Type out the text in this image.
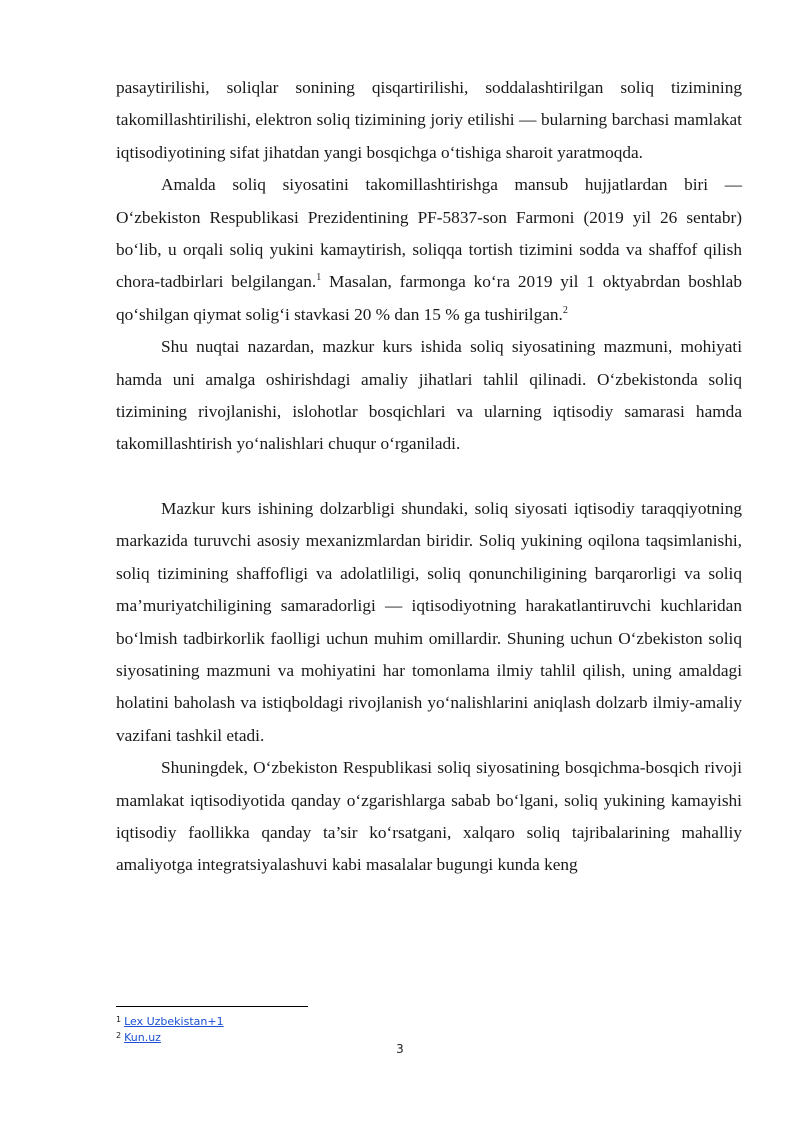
pasaytirilishi, soliqlar sonining qisqartirilishi, soddalashtirilgan soliq tizimining takomillashtirilishi, elektron soliq tizimining joriy etilishi — bularning barchasi mamlakat iqtisodiyotining sifat jihatdan yangi bosqichga oʻtishiga sharoit yaratmoqda.

Amalda soliq siyosatini takomillashtirishga mansub hujjatlardan biri — Oʻzbekiston Respublikasi Prezidentining PF-5837-son Farmoni (2019 yil 26 sentabr) boʻlib, u orqali soliq yukini kamaytirish, soliqqa tortish tizimini sodda va shaffof qilish chora-tadbirlari belgilangan.$^1$ Masalan, farmonga koʻra 2019 yil 1 oktyabrdan boshlab qoʻshilgan qiymat soligʻi stavkasi 20 % dan 15 % ga tushirilgan.$^2$

Shu nuqtai nazardan, mazkur kurs ishida soliq siyosatining mazmuni, mohiyati hamda uni amalga oshirishdagi amaliy jihatlari tahlil qilinadi. Oʻzbekistonda soliq tizimining rivojlanishi, islohotlar bosqichlari va ularning iqtisodiy samarasi hamda takomillashtirish yoʻnalishlari chuqur oʻrganiladi.

Mazkur kurs ishining dolzarbligi shundaki, soliq siyosati iqtisodiy taraqqiyotning markazida turuvchi asosiy mexanizmlardan biridir. Soliq yukining oqilona taqsimlanishi, soliq tizimining shaffofligi va adolatliligi, soliq qonunchiligining barqarorligi va soliq ma’muriyatchiligining samaradorligi — iqtisodiyotning harakatlantiruvchi kuchlaridan boʻlmish tadbirkorlik faolligi uchun muhim omillardir. Shuning uchun Oʻzbekiston soliq siyosatining mazmuni va mohiyatini har tomonlama ilmiy tahlil qilish, uning amaldagi holatini baholash va istiqboldagi rivojlanish yoʻnalishlarini aniqlash dolzarb ilmiy-amaliy vazifani tashkil etadi.

Shuningdek, Oʻzbekiston Respublikasi soliq siyosatining bosqichma-bosqich rivoji mamlakat iqtisodiyotida qanday oʻzgarishlarga sabab boʻlgani, soliq yukining kamayishi iqtisodiy faollikka qanday ta’sir koʻrsatgani, xalqaro soliq tajribalarining mahalliy amaliyotga integratsiyalashuvi kabi masalalar bugungi kunda keng

1 Lex Uzbekistan+1
2 Kun.uz
3
